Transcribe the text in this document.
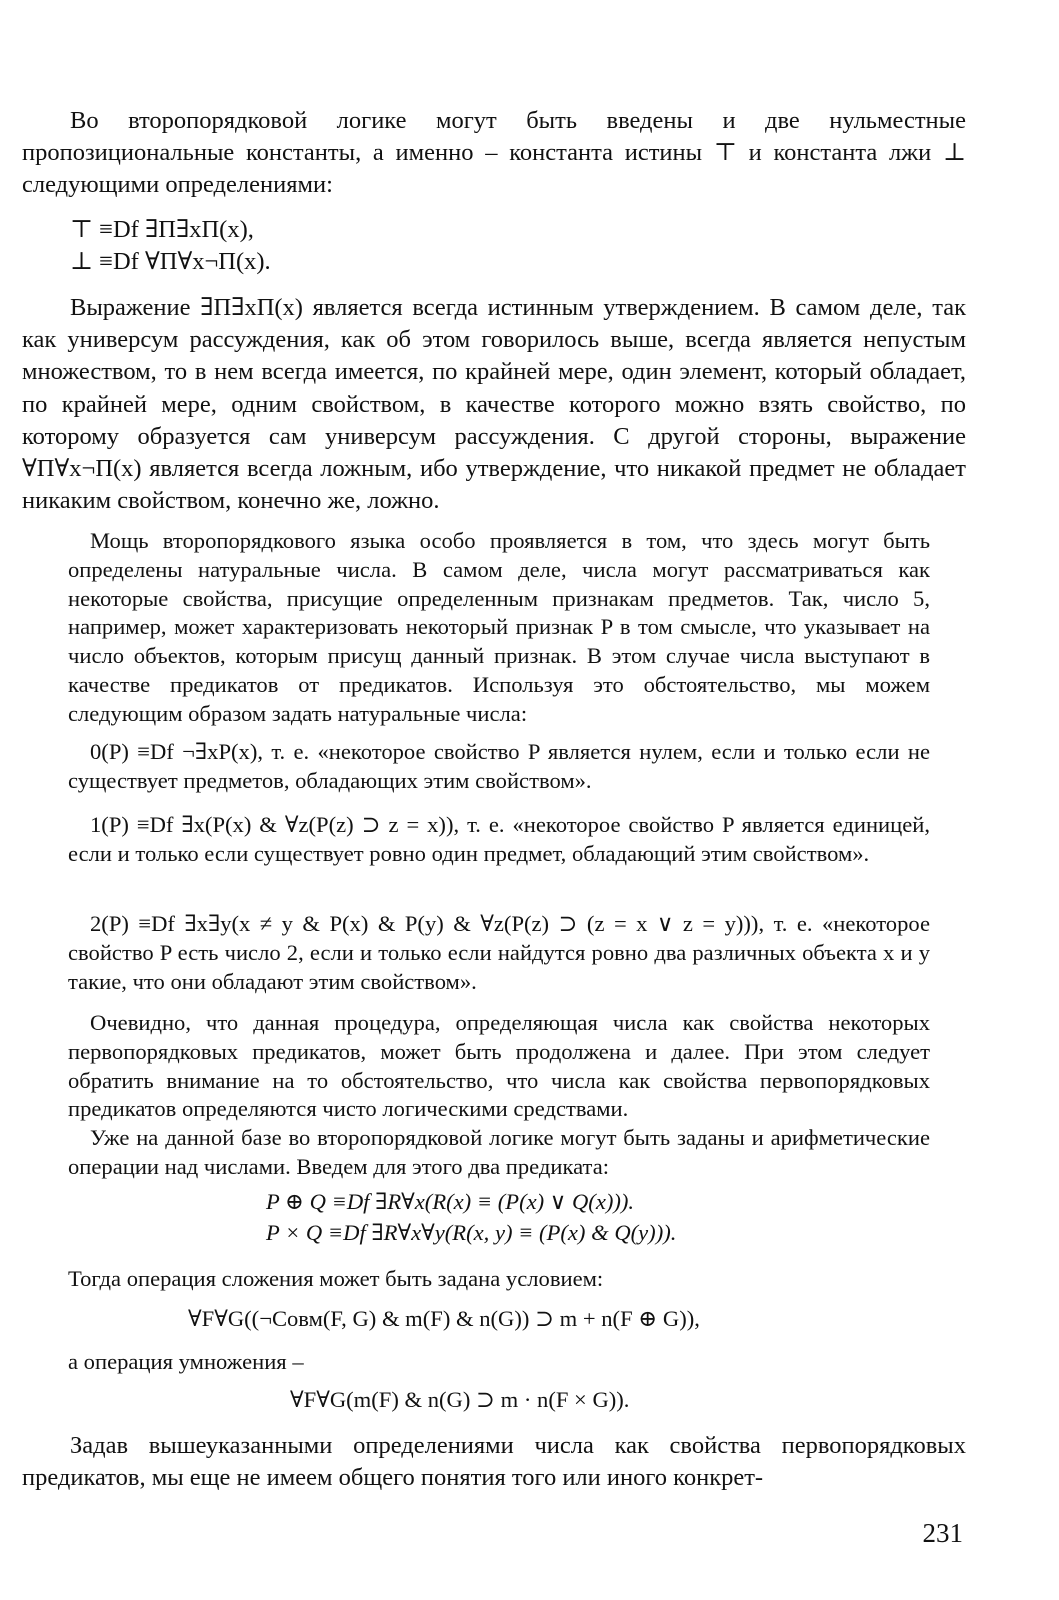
Во второпорядковой логике могут быть введены и две нульместные пропозициональные константы, а именно – константа истины ⊤ и константа лжи ⊥ следующими определениями:

⊤ ≡Df ∃Π∃xΠ(x),

⊥ ≡Df ∀Π∀x¬Π(x).

Выражение ∃Π∃xΠ(x) является всегда истинным утверждением. В самом деле, так как универсум рассуждения, как об этом говорилось выше, всегда является непустым множеством, то в нем всегда имеется, по крайней мере, один элемент, который обладает, по крайней мере, одним свойством, в качестве которого можно взять свойство, по которому образуется сам универсум рассуждения. С другой стороны, выражение ∀Π∀x¬Π(x) является всегда ложным, ибо утверждение, что никакой предмет не обладает никаким свойством, конечно же, ложно.

Мощь второпорядкового языка особо проявляется в том, что здесь могут быть определены натуральные числа. В самом деле, числа могут рассматриваться как некоторые свойства, присущие определенным признакам предметов. Так, число 5, например, может характеризовать некоторый признак P в том смысле, что указывает на число объектов, которым присущ данный признак. В этом случае числа выступают в качестве предикатов от предикатов. Используя это обстоятельство, мы можем следующим образом задать натуральные числа:

0(P) ≡Df ¬∃xP(x), т. е. «некоторое свойство P является нулем, если и только если не существует предметов, обладающих этим свойством».

1(P) ≡Df ∃x(P(x) & ∀z(P(z) ⊃ z = x)), т. е. «некоторое свойство P является единицей, если и только если существует ровно один предмет, обладающий этим свойством».

2(P) ≡Df ∃x∃y(x ≠ y & P(x) & P(y) & ∀z(P(z) ⊃ (z = x ∨ z = y))), т. е. «некоторое свойство P есть число 2, если и только если найдутся ровно два различных объекта x и y такие, что они обладают этим свойством».

Очевидно, что данная процедура, определяющая числа как свойства некоторых первопорядковых предикатов, может быть продолжена и далее. При этом следует обратить внимание на то обстоятельство, что числа как свойства первопорядковых предикатов определяются чисто логическими средствами.

Уже на данной базе во второпорядковой логике могут быть заданы и арифметические операции над числами. Введем для этого два предиката:

P ⊕ Q ≡Df ∃R∀x(R(x) ≡ (P(x) ∨ Q(x))).

P × Q ≡Df ∃R∀x∀y(R(x, y) ≡ (P(x) & Q(y))).

Тогда операция сложения может быть задана условием:

∀F∀G((¬Совм(F, G) & m(F) & n(G)) ⊃ m + n(F ⊕ G)),

а операция умножения –

∀F∀G(m(F) & n(G) ⊃ m · n(F × G)).

Задав вышеуказанными определениями числа как свойства первопорядковых предикатов, мы еще не имеем общего понятия того или иного конкрет-

231
